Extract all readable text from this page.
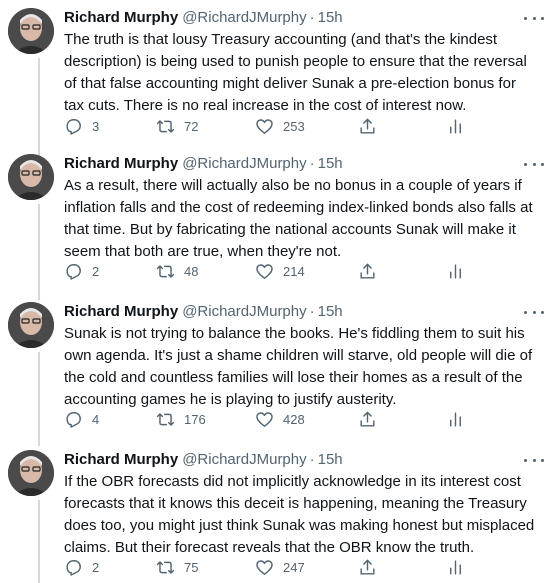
Richard Murphy @RichardJMurphy · 15h
The truth is that lousy Treasury accounting (and that's the kindest description) is being used to punish people to ensure that the reversal of that false accounting might deliver Sunak a pre-election bonus for tax cuts. There is no real increase in the cost of interest now.
3	72	253
Richard Murphy @RichardJMurphy · 15h
As a result, there will actually also be no bonus in a couple of years if inflation falls and the cost of redeeming index-linked bonds also falls at that time. But by fabricating the national accounts Sunak will make it seem that both are true, when they're not.
2	48	214
Richard Murphy @RichardJMurphy · 15h
Sunak is not trying to balance the books. He's fiddling them to suit his own agenda. It's just a shame children will starve, old people will die of the cold and countless families will lose their homes as a result of the accounting games he is playing to justify austerity.
4	176	428
Richard Murphy @RichardJMurphy · 15h
If the OBR forecasts did not implicitly acknowledge in its interest cost forecasts that it knows this deceit is happening, meaning the Treasury does too, you might just think Sunak was making honest but misplaced claims. But their forecast reveals that the OBR know the truth.
2	75	247
